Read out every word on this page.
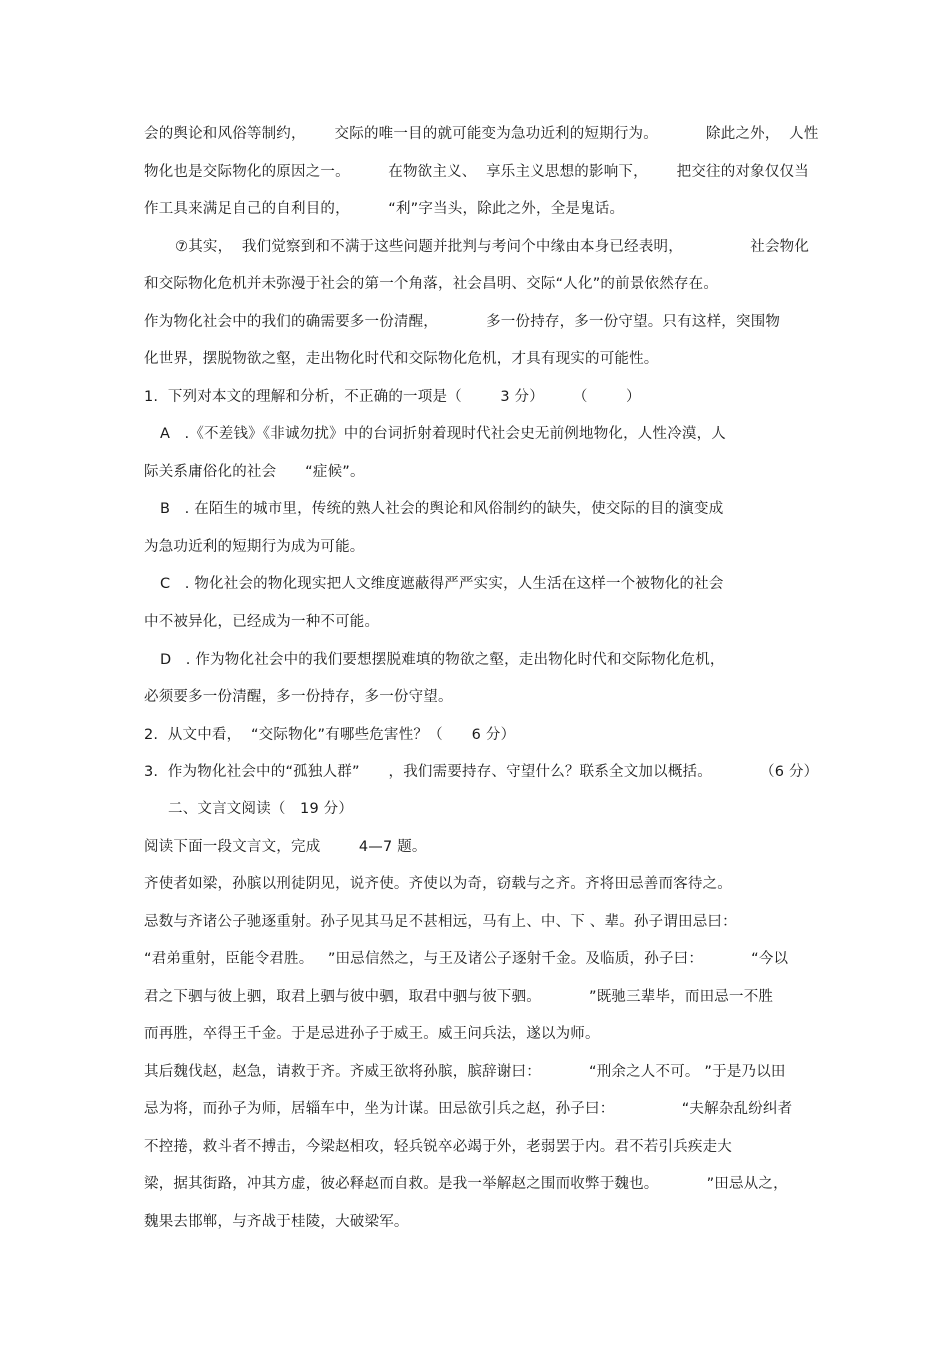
会的舆论和风俗等制约，      交际的唯一目的就可能变为急功近利的短期行为。          除此之外，  人性
物化也是交际物化的原因之一。        在物欲主义、  享乐主义思想的影响下，      把交往的对象仅仅当
作工具来满足自己的自利目的，        “利”字当头，除此之外，全是鬼话。
⑦其实，  我们觉察到和不满于这些问题并批判与考问个中缘由本身已经表明，              社会物化
和交际物化危机并未弥漫于社会的第一个角落，社会昌明、交际“人化”的前景依然存在。
作为物化社会中的我们的确需要多一份清醒，          多一份持存，多一份守望。只有这样，突围物
化世界，摆脱物欲之壑，走出物化时代和交际物化危机，才具有现实的可能性。
1.  下列对本文的理解和分析，不正确的一项是（        3 分）      （        ）
A   .《不差钱》《非诚勿扰》中的台词折射着现时代社会史无前例地物化，人性冷漠，人
际关系庸俗化的社会      “症候”。
B   . 在陌生的城市里，传统的熟人社会的舆论和风俗制约的缺失，使交际的目的演变成
为急功近利的短期行为成为可能。
C   . 物化社会的物化现实把人文维度遮蔽得严严实实，人生活在这样一个被物化的社会
中不被异化，已经成为一种不可能。
D   . 作为物化社会中的我们要想摆脱难填的物欲之壑，走出物化时代和交际物化危机，
必须要多一份清醒，多一份持存，多一份守望。
2.  从文中看，  “交际物化”有哪些危害性？（      6 分）
3.  作为物化社会中的“孤独人群”      ，我们需要持存、守望什么？联系全文加以概括。          （6 分）
二、文言文阅读（   19 分）
阅读下面一段文言文，完成        4—7 题。
齐使者如梁，孙膑以刑徒阴见，说齐使。齐使以为奇，窃载与之齐。齐将田忌善而客待之。
忌数与齐诸公子驰逐重射。孙子见其马足不甚相远，马有上、中、下 、辈。孙子谓田忌曰：
“君弟重射，臣能令君胜。   ”田忌信然之，与王及诸公子逐射千金。及临质，孙子曰：          “今以
君之下驷与彼上驷，取君上驷与彼中驷，取君中驷与彼下驷。          ”既驰三辈毕，而田忌一不胜
而再胜，卒得王千金。于是忌进孙子于威王。威王问兵法，遂以为师。
其后魏伐赵，赵急，请救于齐。齐威王欲将孙膑，膑辞谢曰：          “刑余之人不可。 ”于是乃以田
忌为将，而孙子为师，居辎车中，坐为计谋。田忌欲引兵之赵，孙子曰：              “夫解杂乱纷纠者
不控捲，救斗者不搏击，今梁赵相攻，轻兵锐卒必竭于外，老弱罢于内。君不若引兵疾走大
梁，据其街路，冲其方虚，彼必释赵而自救。是我一举解赵之围而收弊于魏也。          ”田忌从之，
魏果去邯郸，与齐战于桂陵，大破梁军。
